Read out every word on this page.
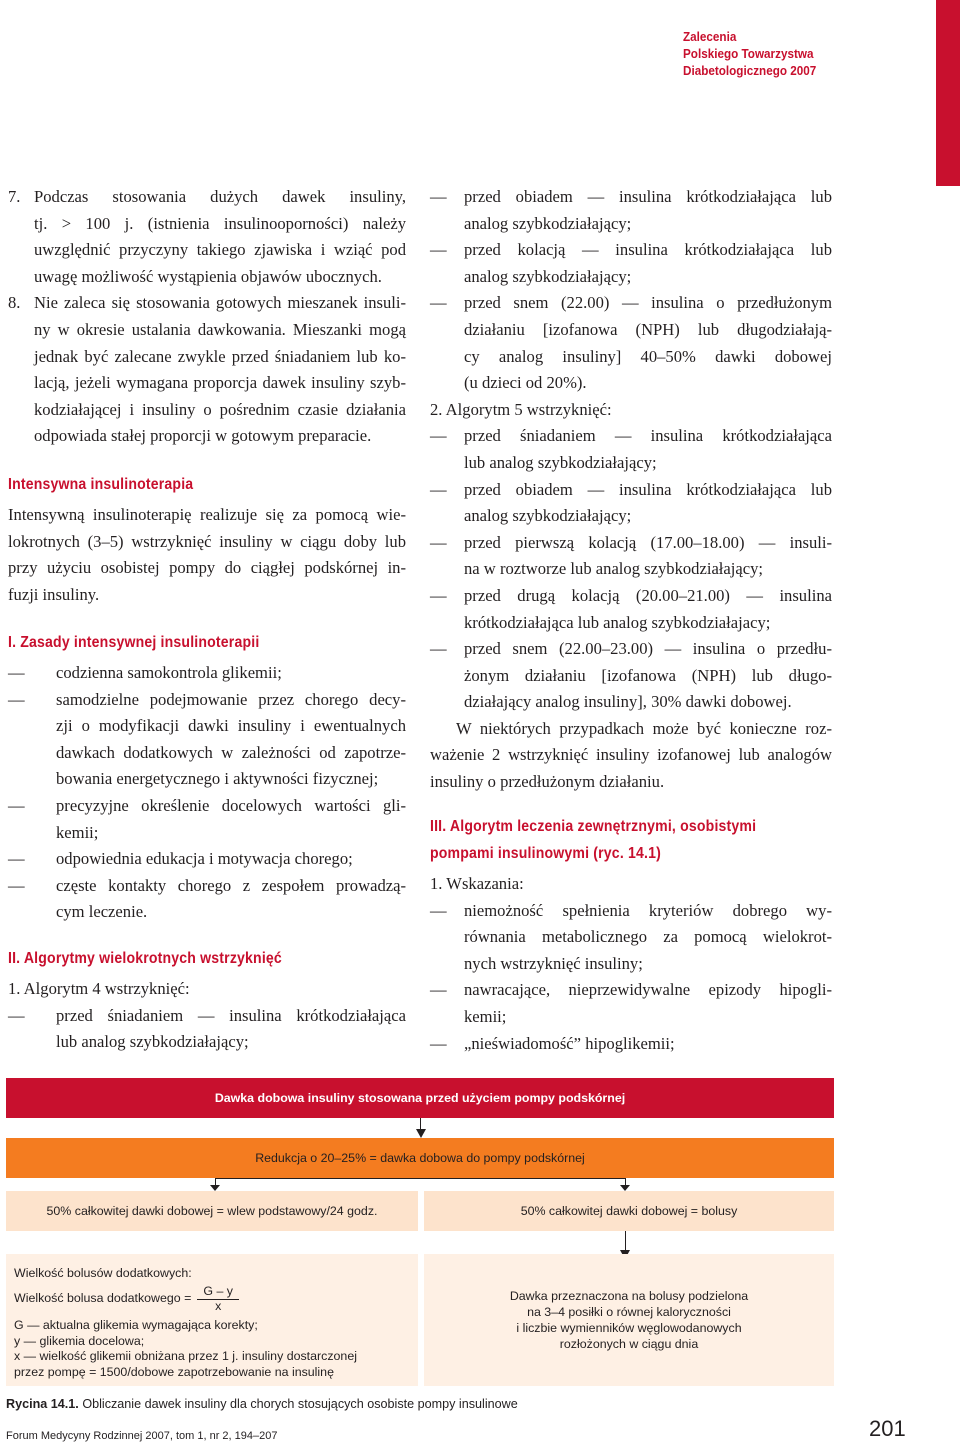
Zalecenia
Polskiego Towarzystwa
Diabetologicznego 2007

7. Podczas stosowania dużych dawek insuliny,

tj. > 100 j. (istnienia insulinooporności) należy

uwzględnić przyczyny takiego zjawiska i wziąć pod

uwagę możliwość wystąpienia objawów ubocznych.

8. Nie zaleca się stosowania gotowych mieszanek insuli-

ny w okresie ustalania dawkowania. Mieszanki mogą

jednak być zalecane zwykle przed śniadaniem lub ko-

lacją, jeżeli wymagana proporcja dawek insuliny szyb-

kodziałającej i insuliny o pośrednim czasie działania

odpowiada stałej proporcji w gotowym preparacie.

Intensywna insulinoterapia

Intensywną insulinoterapię realizuje się za pomocą wie-

lokrotnych (3–5) wstrzyknięć insuliny w ciągu doby lub

przy użyciu osobistej pompy do ciągłej podskórnej in-

fuzji insuliny.

I. Zasady intensywnej insulinoterapii

— codzienna samokontrola glikemii;

— samodzielne podejmowanie przez chorego decy-

zji o modyfikacji dawki insuliny i ewentualnych

dawkach dodatkowych w zależności od zapotrze-

bowania energetycznego i aktywności fizycznej;

— precyzyjne określenie docelowych wartości gli-

kemii;

— odpowiednia edukacja i motywacja chorego;

— częste kontakty chorego z zespołem prowadzą-

cym leczenie.

II. Algorytmy wielokrotnych wstrzyknięć

1. Algorytm 4 wstrzyknięć:

— przed śniadaniem — insulina krótkodziałająca

lub analog szybkodziałający;

— przed obiadem — insulina krótkodziałająca lub

analog szybkodziałający;

— przed kolacją — insulina krótkodziałająca lub

analog szybkodziałający;

— przed snem (22.00) — insulina o przedłużonym

działaniu [izofanowa (NPH) lub długodziałają-

cy analog insuliny] 40–50% dawki dobowej

(u dzieci od 20%).

2. Algorytm 5 wstrzyknięć:

— przed śniadaniem — insulina krótkodziałająca

lub analog szybkodziałający;

— przed obiadem — insulina krótkodziałająca lub

analog szybkodziałający;

— przed pierwszą kolacją (17.00–18.00) — insuli-

na w roztworze lub analog szybkodziałający;

— przed drugą kolacją (20.00–21.00) — insulina

krótkodziałająca lub analog szybkodziałajacy;

— przed snem (22.00–23.00) — insulina o przedłu-

żonym działaniu [izofanowa (NPH) lub długo-

działający analog insuliny], 30% dawki dobowej.

W niektórych przypadkach może być konieczne roz-

ważenie 2 wstrzyknięć insuliny izofanowej lub analogów

insuliny o przedłużonym działaniu.

III. Algorytm leczenia zewnętrznymi, osobistymi
pompami insulinowymi (ryc. 14.1)

1. Wskazania:

— niemożność spełnienia kryteriów dobrego wy-

równania metabolicznego za pomocą wielokrot-

nych wstrzyknięć insuliny;

— nawracające, nieprzewidywalne epizody hipogli-

kemii;

— „nieświadomość” hipoglikemii;

Dawka dobowa insuliny stosowana przed użyciem pompy podskórnej
Redukcja o 20–25% = dawka dobowa do pompy podskórnej
50% całkowitej dawki dobowej = wlew podstawowy/24 godz.	50% całkowitej dawki dobowej = bolusy
Wielkość bolusów dodatkowych:
Wielkość bolusa dodatkowego = $\frac{G - y}{x}$
G — aktualna glikemia wymagająca korekty;
y — glikemia docelowa;
x — wielkość glikemii obniżana przez 1 j. insuliny dostarczonej
przez pompę = 1500/dobowe zapotrzebowanie na insulinę
Dawka przeznaczona na bolusy podzielona
na 3–4 posiłki o równej kaloryczności
i liczbie wymienników węglowodanowych
rozłożonych w ciągu dnia
Rycina 14.1. Obliczanie dawek insuliny dla chorych stosujących osobiste pompy insulinowe
Forum Medycyny Rodzinnej 2007, tom 1, nr 2, 194–207	201
